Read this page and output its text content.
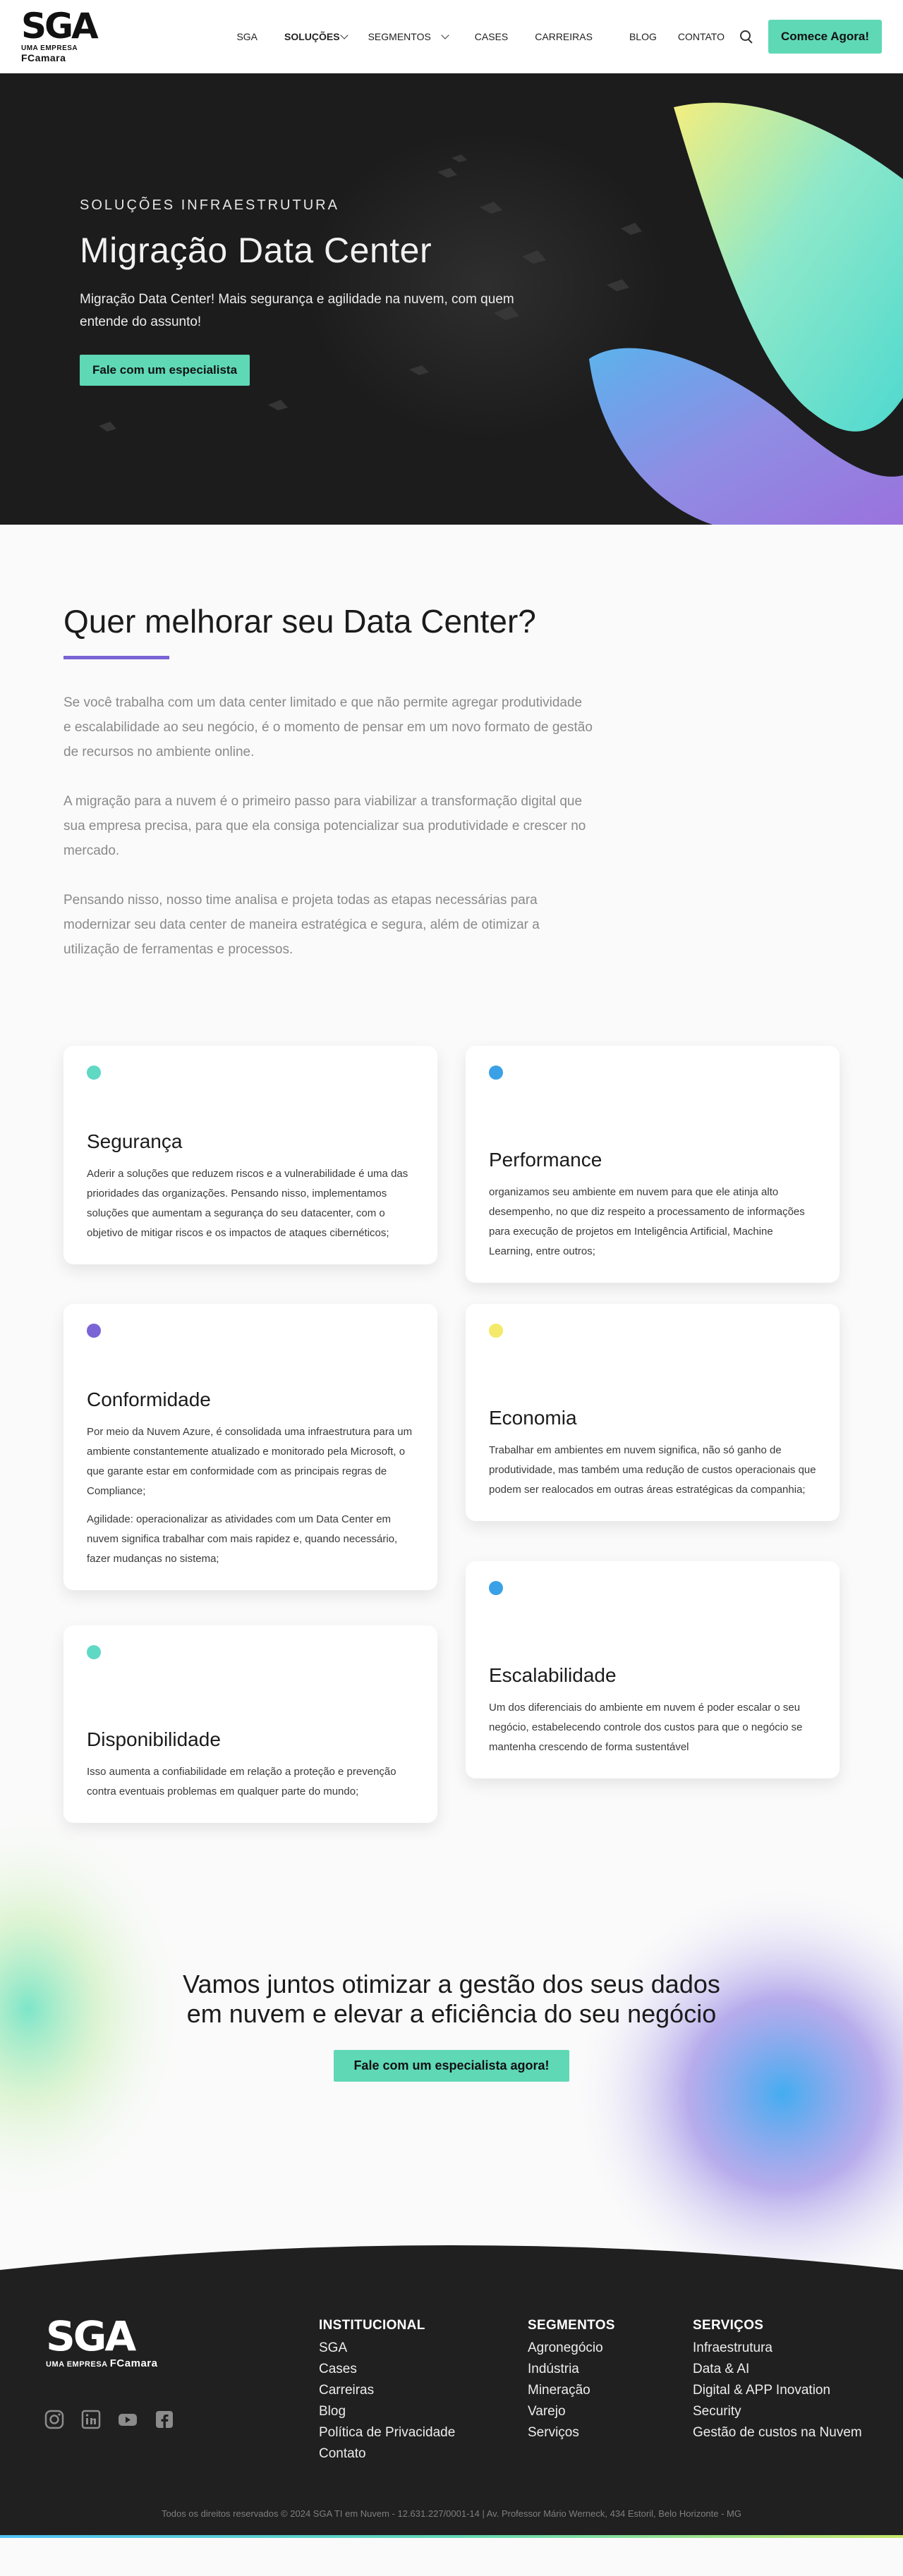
SGA
UMA EMPRESA FCamara
SGA	SOLUÇÕES	SEGMENTOS	CASES	CARREIRAS	BLOG CONTATO	Comece Agora!

SOLUÇÕES INFRAESTRUTURA

Migração Data Center

Migração Data Center! Mais segurança e agilidade na nuvem, com quem entende do assunto!

Fale com um especialista
Quer melhorar seu Data Center?

Se você trabalha com um data center limitado e que não permite agregar produtividade e escalabilidade ao seu negócio, é o momento de pensar em um novo formato de gestão de recursos no ambiente online.

A migração para a nuvem é o primeiro passo para viabilizar a transformação digital que sua empresa precisa, para que ela consiga potencializar sua produtividade e crescer no mercado.

Pensando nisso, nosso time analisa e projeta todas as etapas necessárias para modernizar seu data center de maneira estratégica e segura, além de otimizar a utilização de ferramentas e processos.

Segurança

Aderir a soluções que reduzem riscos e a vulnerabilidade é uma das prioridades das organizações. Pensando nisso, implementamos soluções que aumentam a segurança do seu datacenter, com o objetivo de mitigar riscos e os impactos de ataques cibernéticos;

Performance

organizamos seu ambiente em nuvem para que ele atinja alto desempenho, no que diz respeito a processamento de informações para execução de projetos em Inteligência Artificial, Machine Learning, entre outros;

Conformidade

Por meio da Nuvem Azure, é consolidada uma infraestrutura para um ambiente constantemente atualizado e monitorado pela Microsoft, o que garante estar em conformidade com as principais regras de Compliance;

Agilidade: operacionalizar as atividades com um Data Center em nuvem significa trabalhar com mais rapidez e, quando necessário, fazer mudanças no sistema;

Economia

Trabalhar em ambientes em nuvem significa, não só ganho de produtividade, mas também uma redução de custos operacionais que podem ser realocados em outras áreas estratégicas da companhia;

Escalabilidade

Um dos diferenciais do ambiente em nuvem é poder escalar o seu negócio, estabelecendo controle dos custos para que o negócio se mantenha crescendo de forma sustentável

Disponibilidade

Isso aumenta a confiabilidade em relação a proteção e prevenção contra eventuais problemas em qualquer parte do mundo;

Vamos juntos otimizar a gestão dos seus dados
em nuvem e elevar a eficiência do seu negócio
Fale com um especialista agora!
SGA
UMA EMPRESA FCamara
INSTITUCIONAL
SGA
Cases
Carreiras
Blog
Política de Privacidade
Contato
SEGMENTOS
Agronegócio
Indústria
Mineração
Varejo
Serviços
SERVIÇOS
Infraestrutura
Data & AI
Digital & APP Inovation
Security
Gestão de custos na Nuvem

Todos os direitos reservados © 2024 SGA TI em Nuvem - 12.631.227/0001-14 | Av. Professor Mário Werneck, 434 Estoril, Belo Horizonte - MG
